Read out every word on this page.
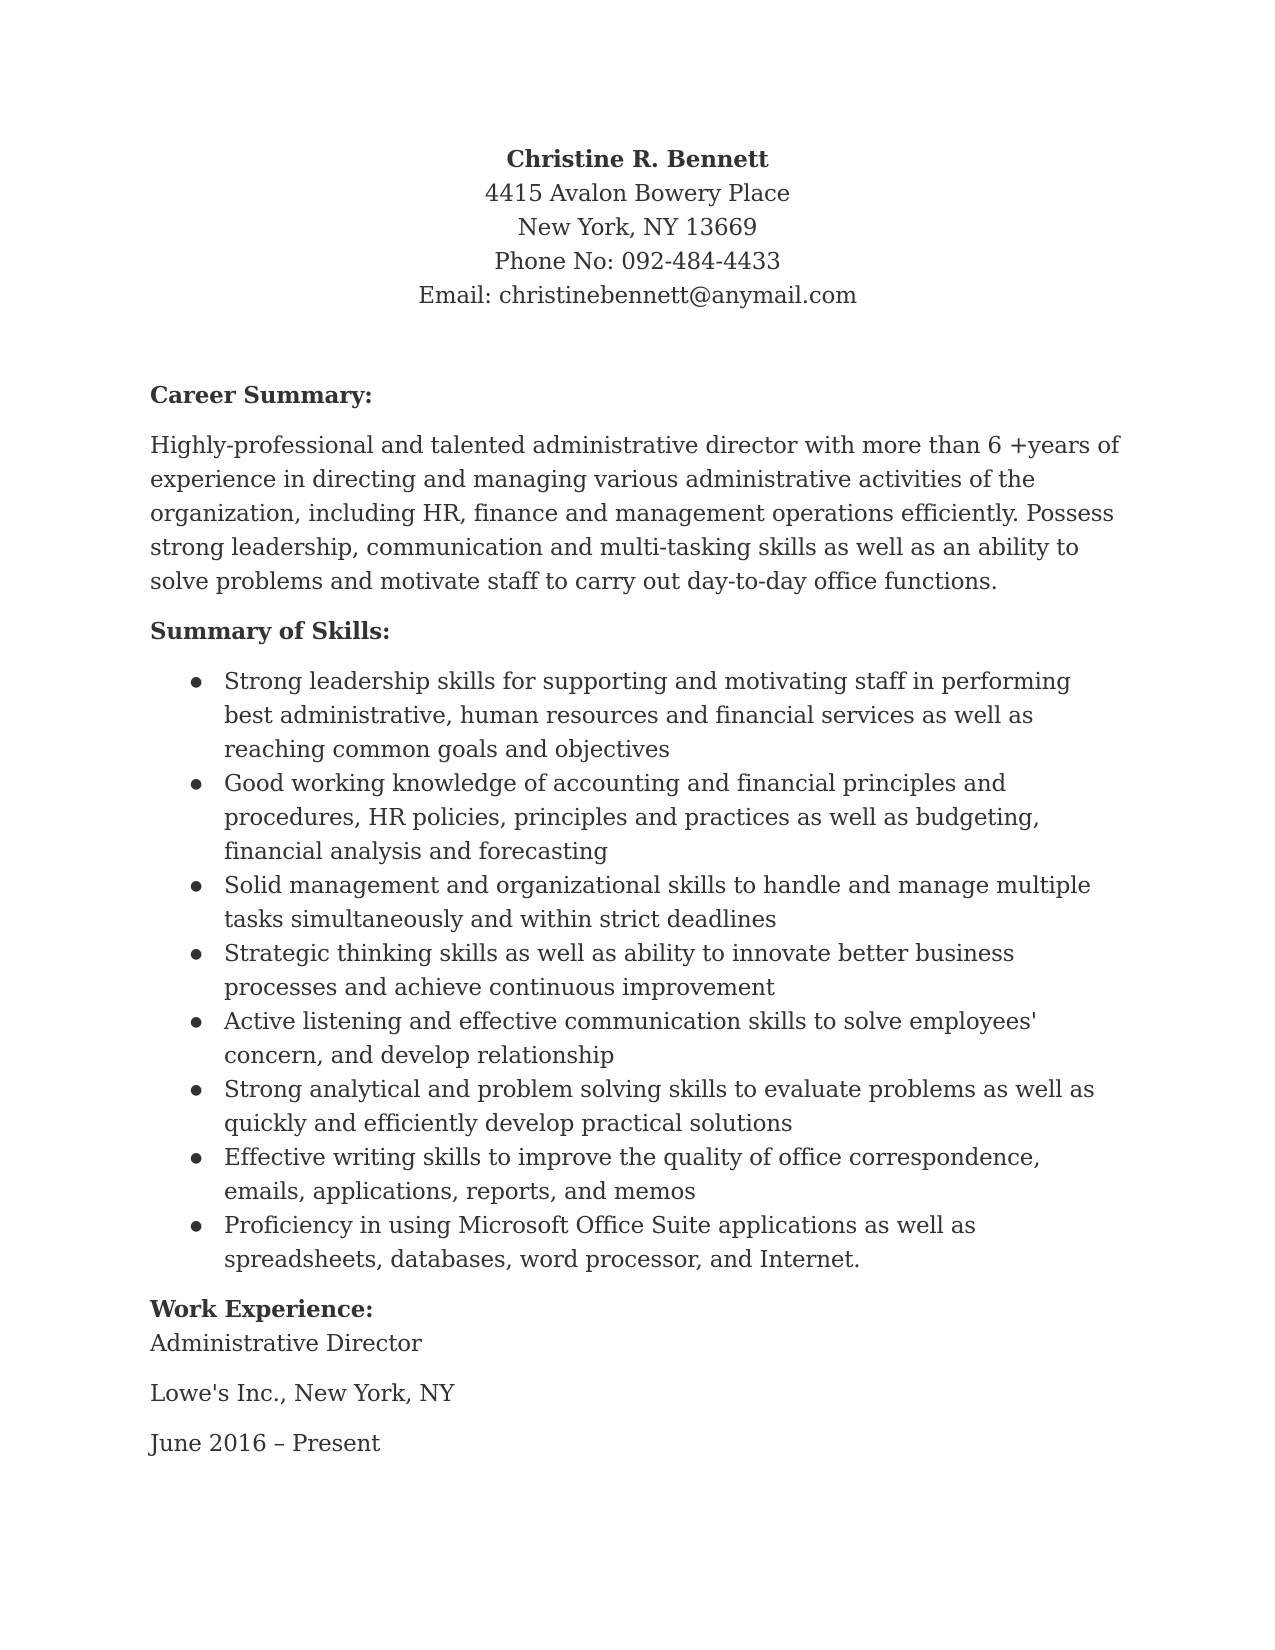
Christine R. Bennett
4415 Avalon Bowery Place
New York, NY 13669
Phone No: 092-484-4433
Email: christinebennett@anymail.com
Career Summary:

Highly-professional and talented administrative director with more than 6 +years of experience in directing and managing various administrative activities of the organization, including HR, finance and management operations efficiently. Possess strong leadership, communication and multi-tasking skills as well as an ability to solve problems and motivate staff to carry out day-to-day office functions.

Summary of Skills:
● Strong leadership skills for supporting and motivating staff in performing best administrative, human resources and financial services as well as reaching common goals and objectives
● Good working knowledge of accounting and financial principles and procedures, HR policies, principles and practices as well as budgeting, financial analysis and forecasting
● Solid management and organizational skills to handle and manage multiple tasks simultaneously and within strict deadlines
● Strategic thinking skills as well as ability to innovate better business processes and achieve continuous improvement
● Active listening and effective communication skills to solve employees' concern, and develop relationship
● Strong analytical and problem solving skills to evaluate problems as well as quickly and efficiently develop practical solutions
● Effective writing skills to improve the quality of office correspondence, emails, applications, reports, and memos
● Proficiency in using Microsoft Office Suite applications as well as spreadsheets, databases, word processor, and Internet.
Work Experience:
Administrative Director
Lowe's Inc., New York, NY
June 2016 – Present
